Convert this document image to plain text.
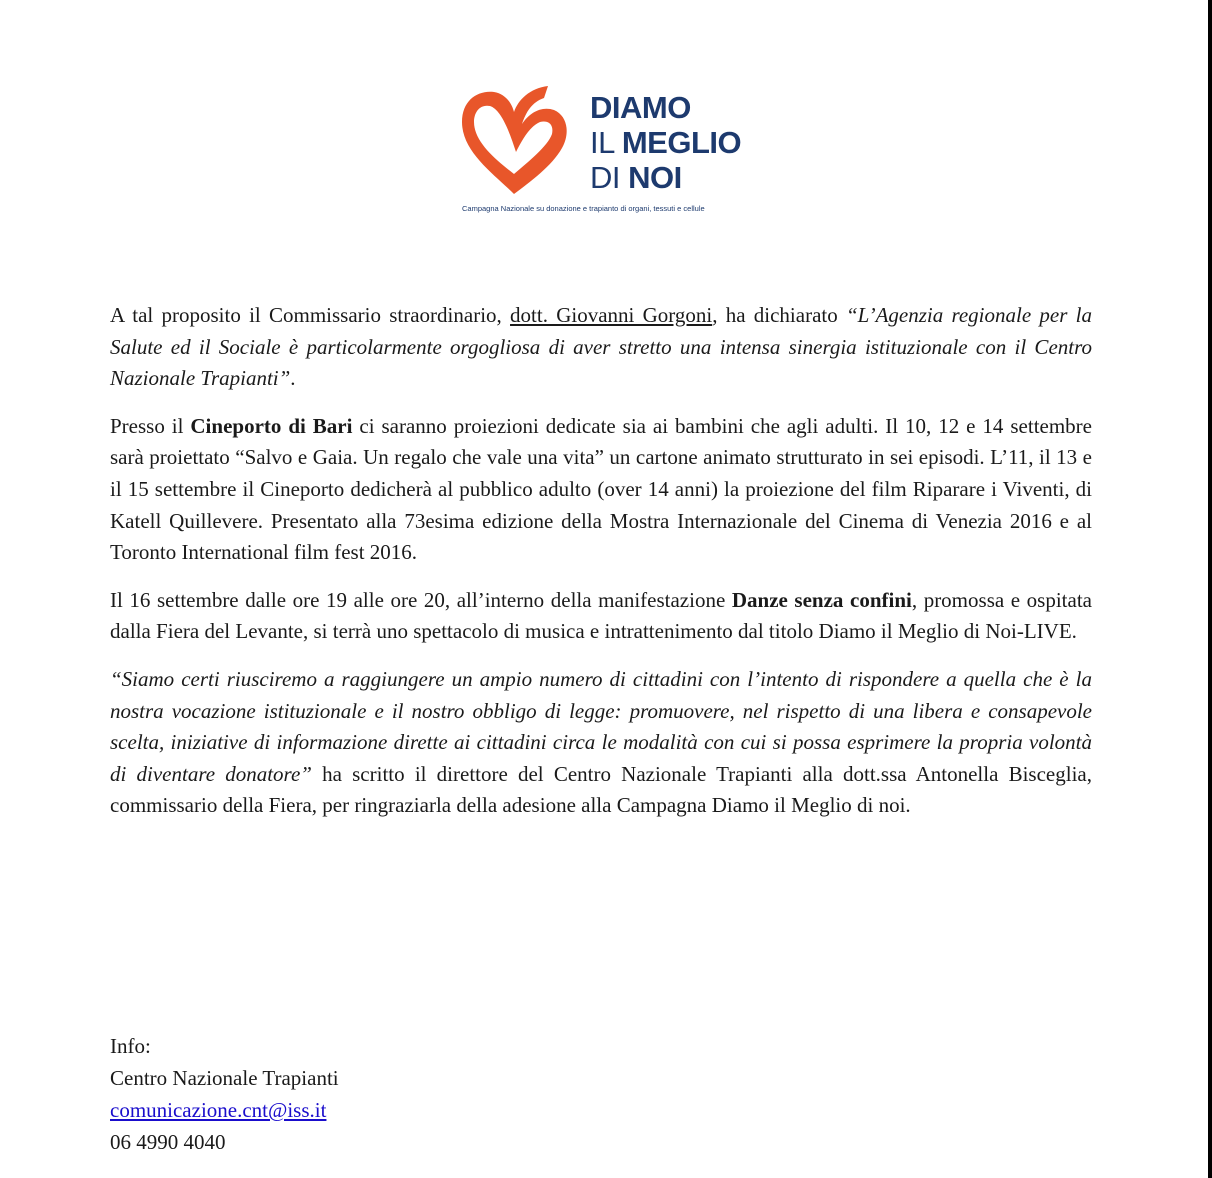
DIAMO
IL MEGLIO
DI NOI
Campagna Nazionale su donazione e trapianto di organi, tessuti e cellule

A tal proposito il Commissario straordinario, dott. Giovanni Gorgoni, ha dichiarato “L’Agenzia regionale per la Salute ed il Sociale è particolarmente orgogliosa di aver stretto una intensa sinergia istituzionale con il Centro Nazionale Trapianti”.

Presso il Cineporto di Bari ci saranno proiezioni dedicate sia ai bambini che agli adulti. Il 10, 12 e 14 settembre sarà proiettato “Salvo e Gaia. Un regalo che vale una vita” un cartone animato strutturato in sei episodi. L’11, il 13 e il 15 settembre il Cineporto dedicherà al pubblico adulto (over 14 anni) la proiezione del film Riparare i Viventi, di Katell Quillevere. Presentato alla 73esima edizione della Mostra Internazionale del Cinema di Venezia 2016 e al Toronto International film fest 2016.

Il 16 settembre dalle ore 19 alle ore 20, all’interno della manifestazione Danze senza confini, promossa e ospitata dalla Fiera del Levante, si terrà uno spettacolo di musica e intrattenimento dal titolo Diamo il Meglio di Noi-LIVE.

“Siamo certi riusciremo a raggiungere un ampio numero di cittadini con l’intento di rispondere a quella che è la nostra vocazione istituzionale e il nostro obbligo di legge: promuovere, nel rispetto di una libera e consapevole scelta, iniziative di informazione dirette ai cittadini circa le modalità con cui si possa esprimere la propria volontà di diventare donatore” ha scritto il direttore del Centro Nazionale Trapianti alla dott.ssa Antonella Bisceglia, commissario della Fiera, per ringraziarla della adesione alla Campagna Diamo il Meglio di noi.

Info:
Centro Nazionale Trapianti
comunicazione.cnt@iss.it
06 4990 4040
